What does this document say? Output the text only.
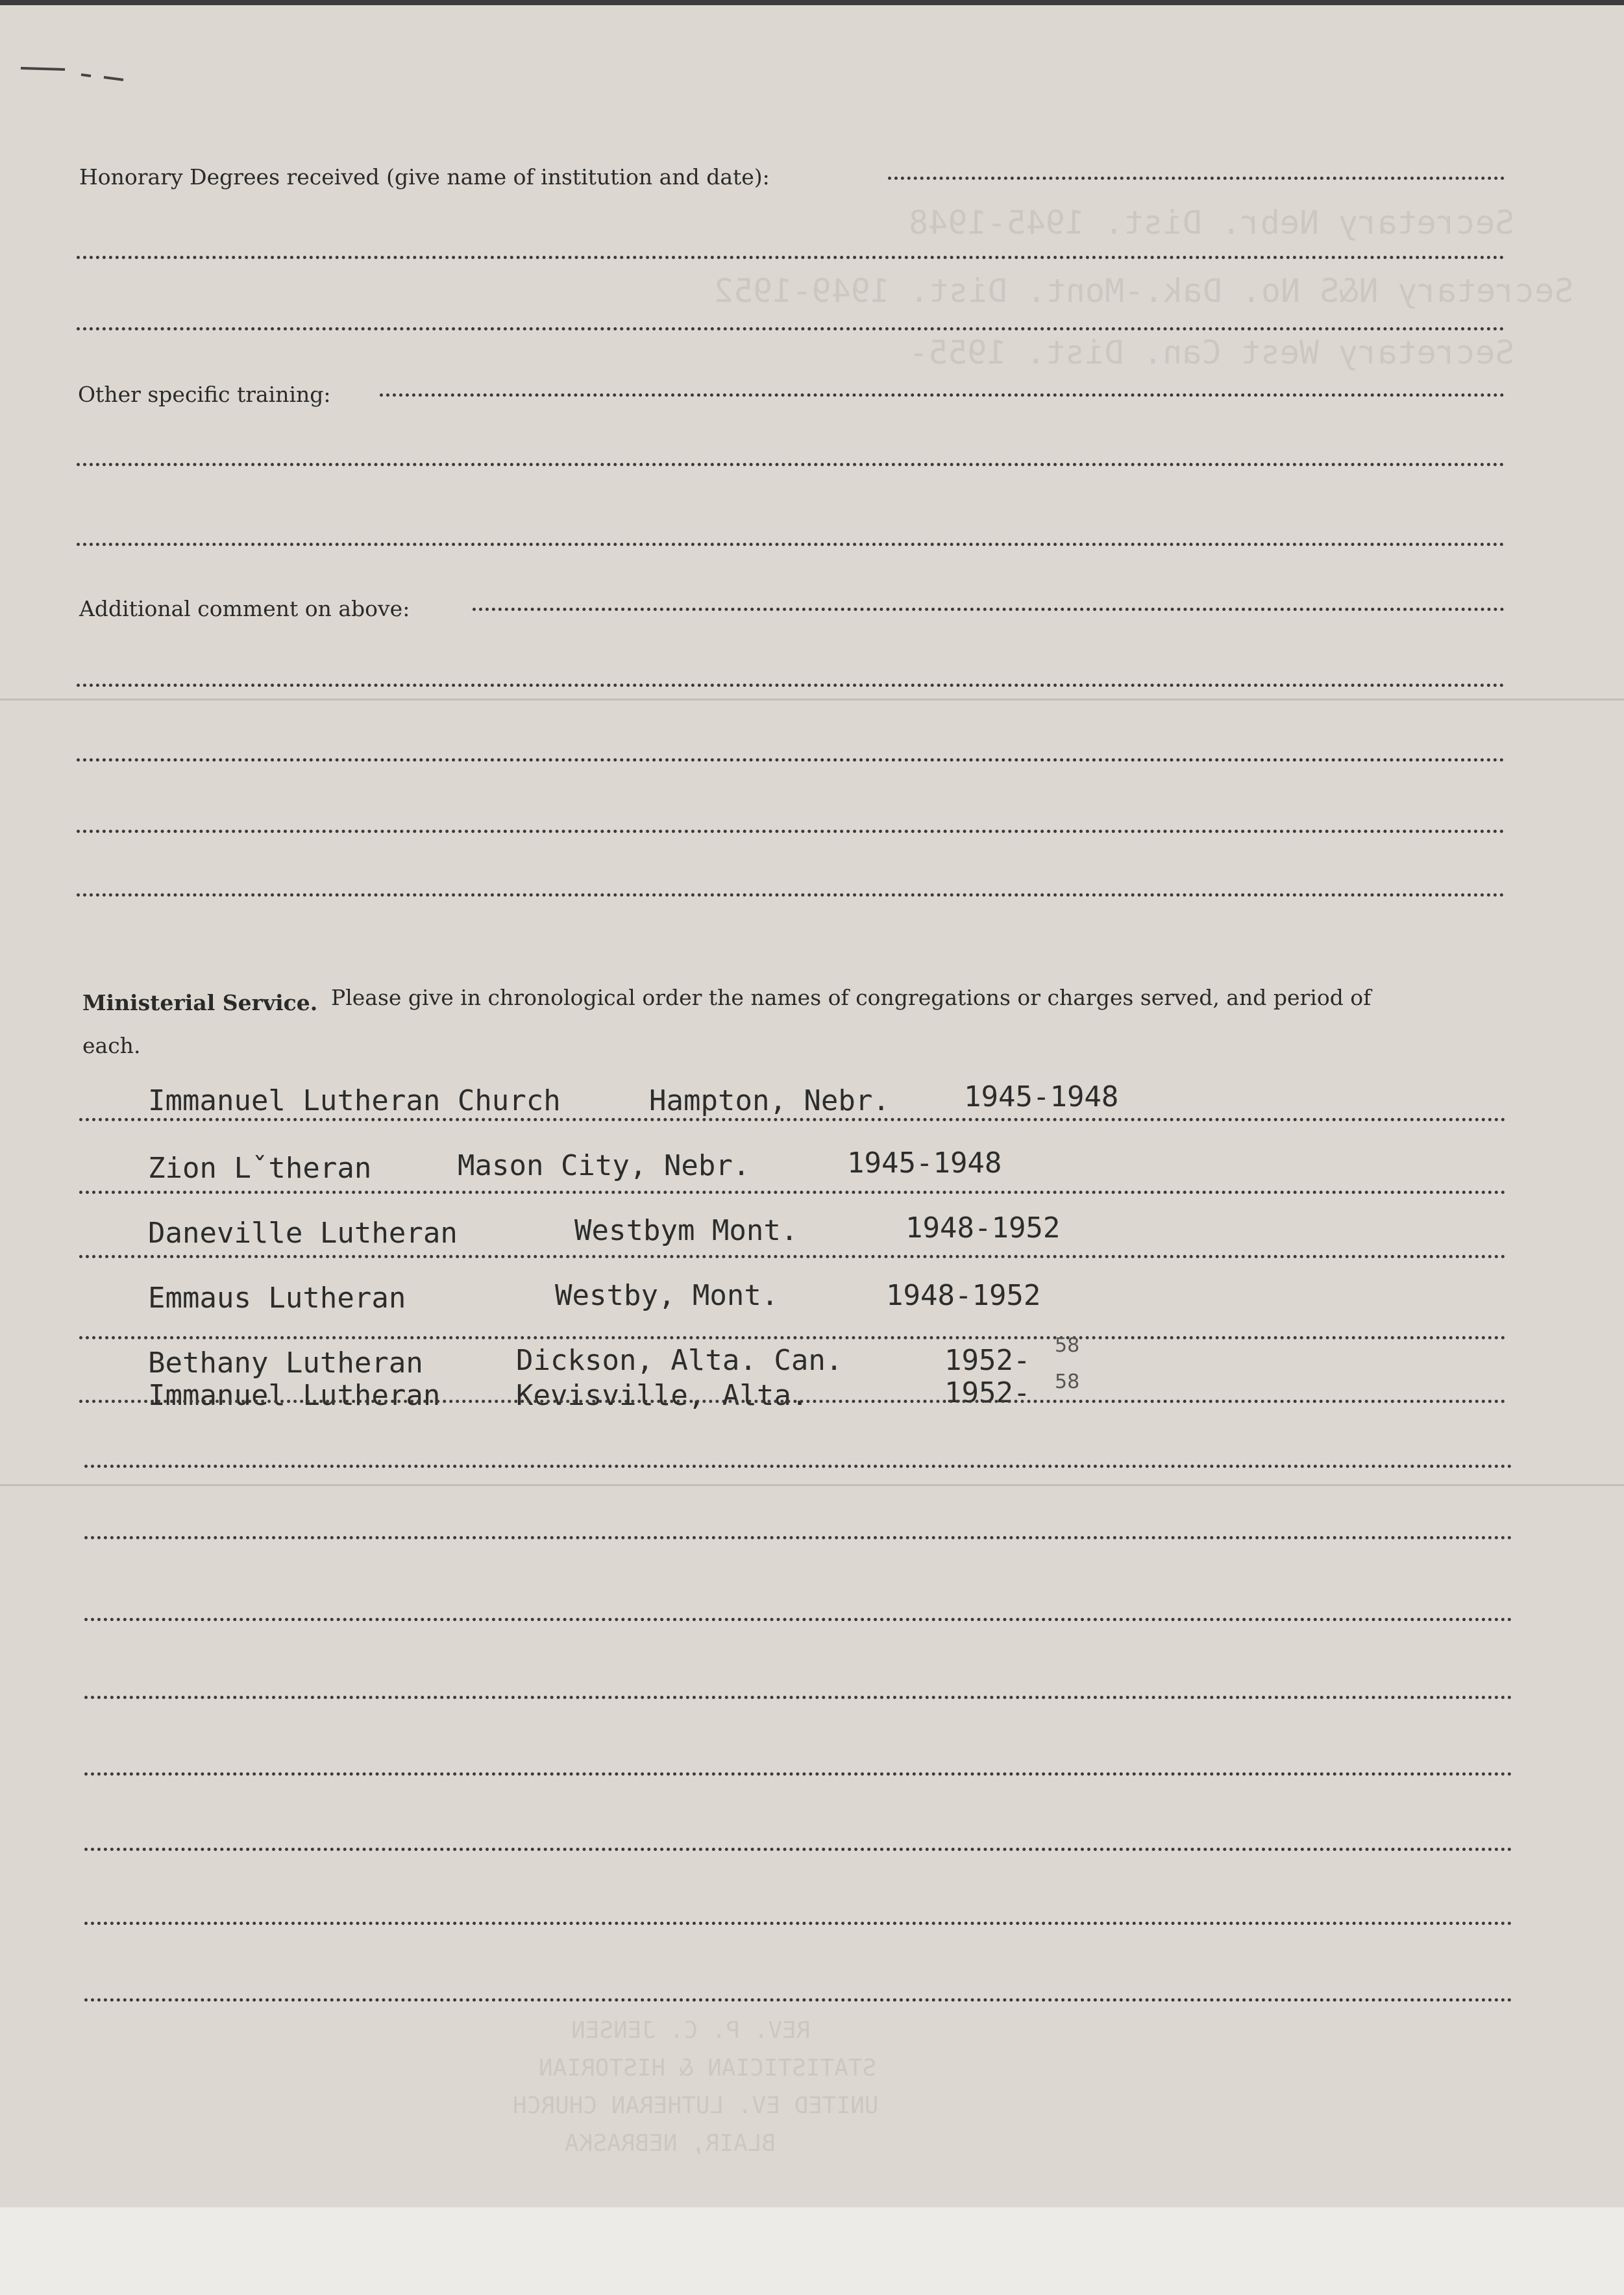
Secretary Nebr. Dist. 1945-1948
Secretary N&S No. Dak.-Mont. Dist. 1949-1952
Secretary West Can. Dist. 1955-
REV. P. C. JENSEN
STATISTICIAN & HISTORIAN
UNITED EV. LUTHERAN CHURCH
BLAIR, NEBRASKA
Honorary Degrees received (give name of institution and date):
Other specific training:
Additional comment on above:
Ministerial Service. Please give in chronological order the names of congregations or charges served, and period of
each.
Immanuel Lutheran Church	Hampton, Nebr.	1945-1948
Zion Lˇtheran	Mason City, Nebr.	1945-1948
Daneville Lutheran	Westbym Mont.	1948-1952
Emmaus Lutheran	Westby, Mont.	1948-1952
Bethany Lutheran	Dickson, Alta. Can.	1952- 58
Immanuel Lutheran	Kevisville, Alta.	1952- 58
